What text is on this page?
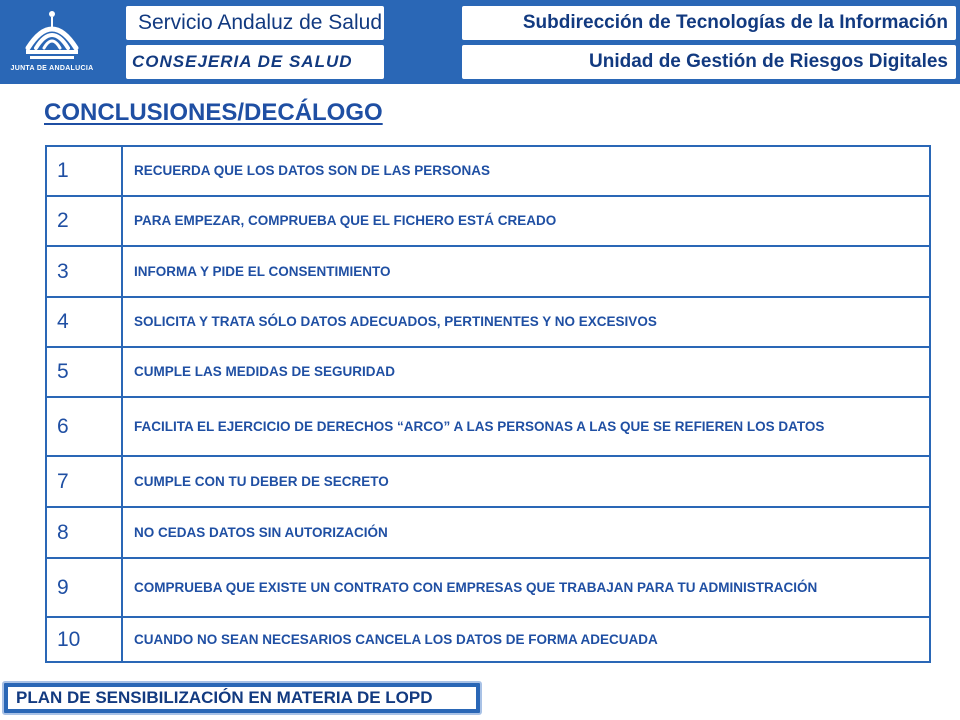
JUNTA DE ANDALUCIA
Servicio Andaluz de Salud
CONSEJERIA DE SALUD
Subdirección de Tecnologías de la Información
Unidad de Gestión de Riesgos Digitales
CONCLUSIONES/DECÁLOGO
1	RECUERDA QUE LOS DATOS SON DE LAS PERSONAS
2	PARA EMPEZAR, COMPRUEBA QUE EL FICHERO ESTÁ CREADO
3	INFORMA Y PIDE EL CONSENTIMIENTO
4	SOLICITA Y TRATA SÓLO DATOS ADECUADOS, PERTINENTES Y NO EXCESIVOS
5	CUMPLE LAS MEDIDAS DE SEGURIDAD
6	FACILITA EL EJERCICIO DE DERECHOS “ARCO” A LAS PERSONAS A LAS QUE SE REFIEREN LOS DATOS
7	CUMPLE CON TU DEBER DE SECRETO
8	NO CEDAS DATOS SIN AUTORIZACIÓN
9	COMPRUEBA QUE EXISTE UN CONTRATO CON EMPRESAS QUE TRABAJAN PARA TU ADMINISTRACIÓN
10	CUANDO NO SEAN NECESARIOS CANCELA LOS DATOS DE FORMA ADECUADA
PLAN DE SENSIBILIZACIÓN EN MATERIA DE LOPD
